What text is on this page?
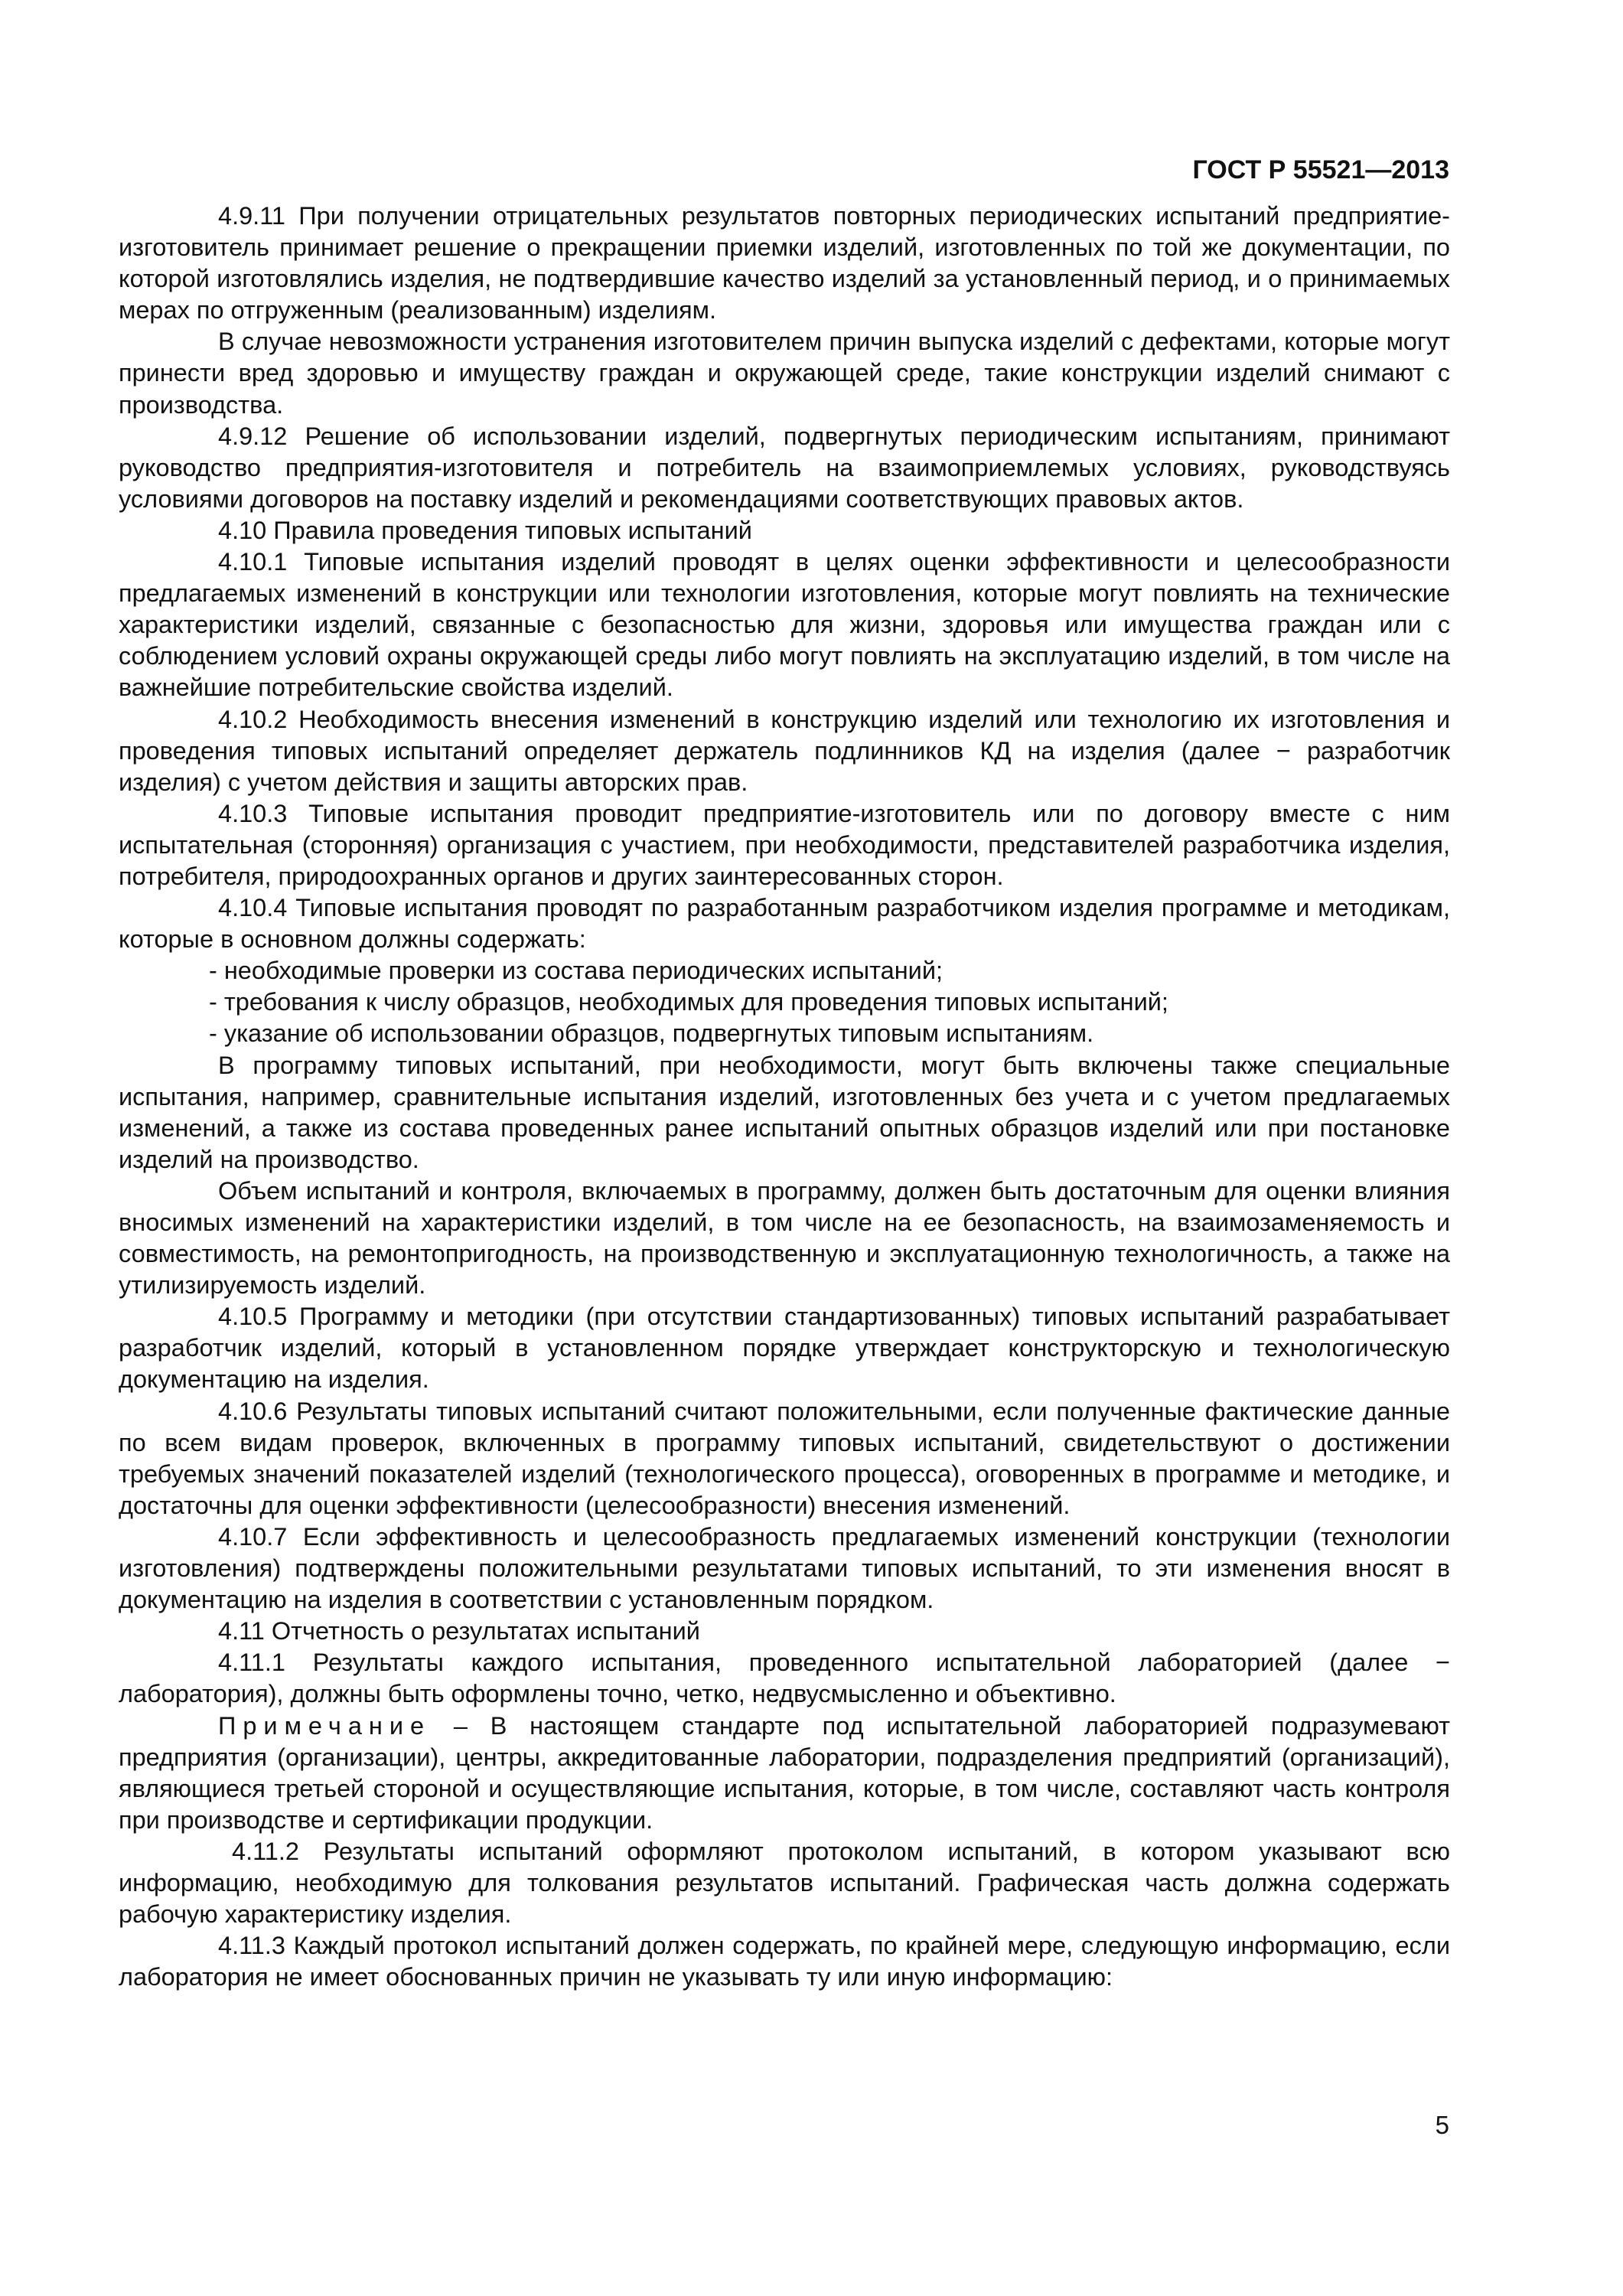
ГОСТ Р 55521—2013

4.9.11 При получении отрицательных результатов повторных периодических испытаний предприятие-изготовитель принимает решение о прекращении приемки изделий, изготовленных по той же документации, по которой изготовлялись изделия, не подтвердившие качество изделий за установленный период, и о принимаемых мерах по отгруженным (реализованным) изделиям.

В случае невозможности устранения изготовителем причин выпуска изделий с дефектами, которые могут принести вред здоровью и имуществу граждан и окружающей среде, такие конструкции изделий снимают с производства.

4.9.12 Решение об использовании изделий, подвергнутых периодическим испытаниям, принимают руководство предприятия-изготовителя и потребитель на взаимоприемлемых условиях, руководствуясь условиями договоров на поставку изделий и рекомендациями соответствующих правовых актов.

4.10 Правила проведения типовых испытаний

4.10.1 Типовые испытания изделий проводят в целях оценки эффективности и целесообразности предлагаемых изменений в конструкции или технологии изготовления, которые могут повлиять на технические характеристики изделий, связанные с безопасностью для жизни, здоровья или имущества граждан или с соблюдением условий охраны окружающей среды либо могут повлиять на эксплуатацию изделий, в том числе на важнейшие потребительские свойства изделий.

4.10.2 Необходимость внесения изменений в конструкцию изделий или технологию их изготовления и проведения типовых испытаний определяет держатель подлинников КД на изделия (далее − разработчик изделия) с учетом действия и защиты авторских прав.

4.10.3 Типовые испытания проводит предприятие-изготовитель или по договору вместе с ним испытательная (сторонняя) организация с участием, при необходимости, представителей разработчика изделия, потребителя, природоохранных органов и других заинтересованных сторон.

4.10.4 Типовые испытания проводят по разработанным разработчиком изделия программе и методикам, которые в основном должны содержать:

- необходимые проверки из состава периодических испытаний;

- требования к числу образцов, необходимых для проведения типовых испытаний;

- указание об использовании образцов, подвергнутых типовым испытаниям.

В программу типовых испытаний, при необходимости, могут быть включены также специальные испытания, например, сравнительные испытания изделий, изготовленных без учета и с учетом предлагаемых изменений, а также из состава проведенных ранее испытаний опытных образцов изделий или при постановке изделий на производство.

Объем испытаний и контроля, включаемых в программу, должен быть достаточным для оценки влияния вносимых изменений на характеристики изделий, в том числе на ее безопасность, на взаимозаменяемость и совместимость, на ремонтопригодность, на производственную и эксплуатационную технологичность, а также на утилизируемость изделий.

4.10.5 Программу и методики (при отсутствии стандартизованных) типовых испытаний разрабатывает разработчик изделий, который в установленном порядке утверждает конструкторскую и технологическую документацию на изделия.

4.10.6 Результаты типовых испытаний считают положительными, если полученные фактические данные по всем видам проверок, включенных в программу типовых испытаний, свидетельствуют о достижении требуемых значений показателей изделий (технологического процесса), оговоренных в программе и методике, и достаточны для оценки эффективности (целесообразности) внесения изменений.

4.10.7 Если эффективность и целесообразность предлагаемых изменений конструкции (технологии изготовления) подтверждены положительными результатами типовых испытаний, то эти изменения вносят в документацию на изделия в соответствии с установленным порядком.

4.11 Отчетность о результатах испытаний

4.11.1 Результаты каждого испытания, проведенного испытательной лабораторией (далее − лаборатория), должны быть оформлены точно, четко, недвусмысленно и объективно.

Примечание – В настоящем стандарте под испытательной лабораторией подразумевают предприятия (организации), центры, аккредитованные лаборатории, подразделения предприятий (организаций), являющиеся третьей стороной и осуществляющие испытания, которые, в том числе, составляют часть контроля при производстве и сертификации продукции.

4.11.2 Результаты испытаний оформляют протоколом испытаний, в котором указывают всю информацию, необходимую для толкования результатов испытаний. Графическая часть должна содержать рабочую характеристику изделия.

4.11.3 Каждый протокол испытаний должен содержать, по крайней мере, следующую информацию, если лаборатория не имеет обоснованных причин не указывать ту или иную информацию:

5
